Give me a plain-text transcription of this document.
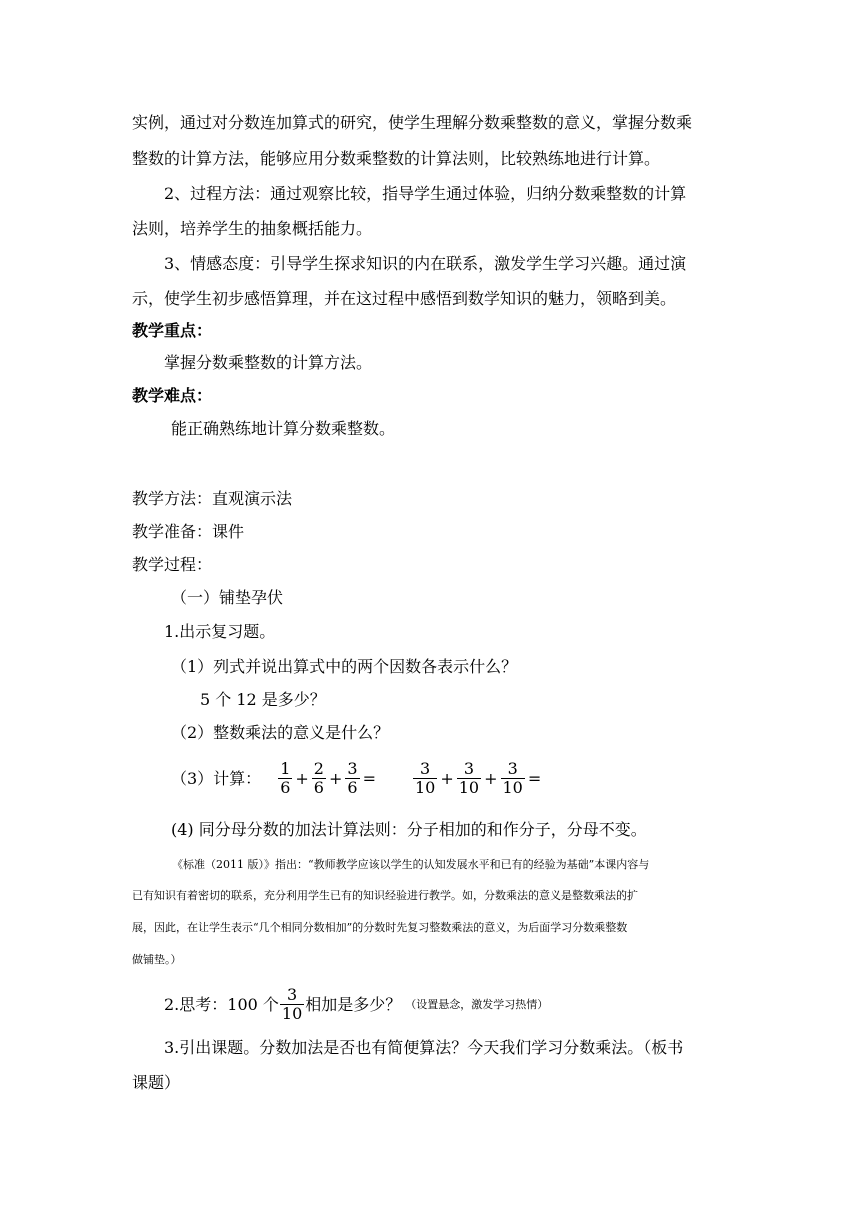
实例，通过对分数连加算式的研究，使学生理解分数乘整数的意义，掌握分数乘
整数的计算方法，能够应用分数乘整数的计算法则，比较熟练地进行计算。
2、过程方法：通过观察比较，指导学生通过体验，归纳分数乘整数的计算
法则，培养学生的抽象概括能力。
3、情感态度：引导学生探求知识的内在联系，激发学生学习兴趣。通过演
示，使学生初步感悟算理，并在这过程中感悟到数学知识的魅力，领略到美。
教学重点：
掌握分数乘整数的计算方法。
教学难点：
能正确熟练地计算分数乘整数。
教学方法：直观演示法
教学准备：课件
教学过程：
（一）铺垫孕伏
1.出示复习题。
（1）列式并说出算式中的两个因数各表示什么？
5 个 12 是多少？
（2）整数乘法的意义是什么？
（3）计算： $\frac{1}{6} + \frac{2}{6} + \frac{3}{6} = \frac{3}{10} + \frac{3}{10} + \frac{3}{10}$ =
(4) 同分母分数的加法计算法则：分子相加的和作分子，分母不变。
《标准（2011 版）》指出：“教师教学应该以学生的认知发展水平和已有的经验为基础”本课内容与
已有知识有着密切的联系，充分利用学生已有的知识经验进行教学。如，分数乘法的意义是整数乘法的扩
展，因此，在让学生表示“几个相同分数相加”的分数时先复习整数乘法的意义，为后面学习分数乘整数
做铺垫。）
2.思考：100 个 $\frac{3}{10}$ 相加是多少？ （设置悬念，激发学习热情）
3.引出课题。分数加法是否也有简便算法？今天我们学习分数乘法。（板书
课题）
